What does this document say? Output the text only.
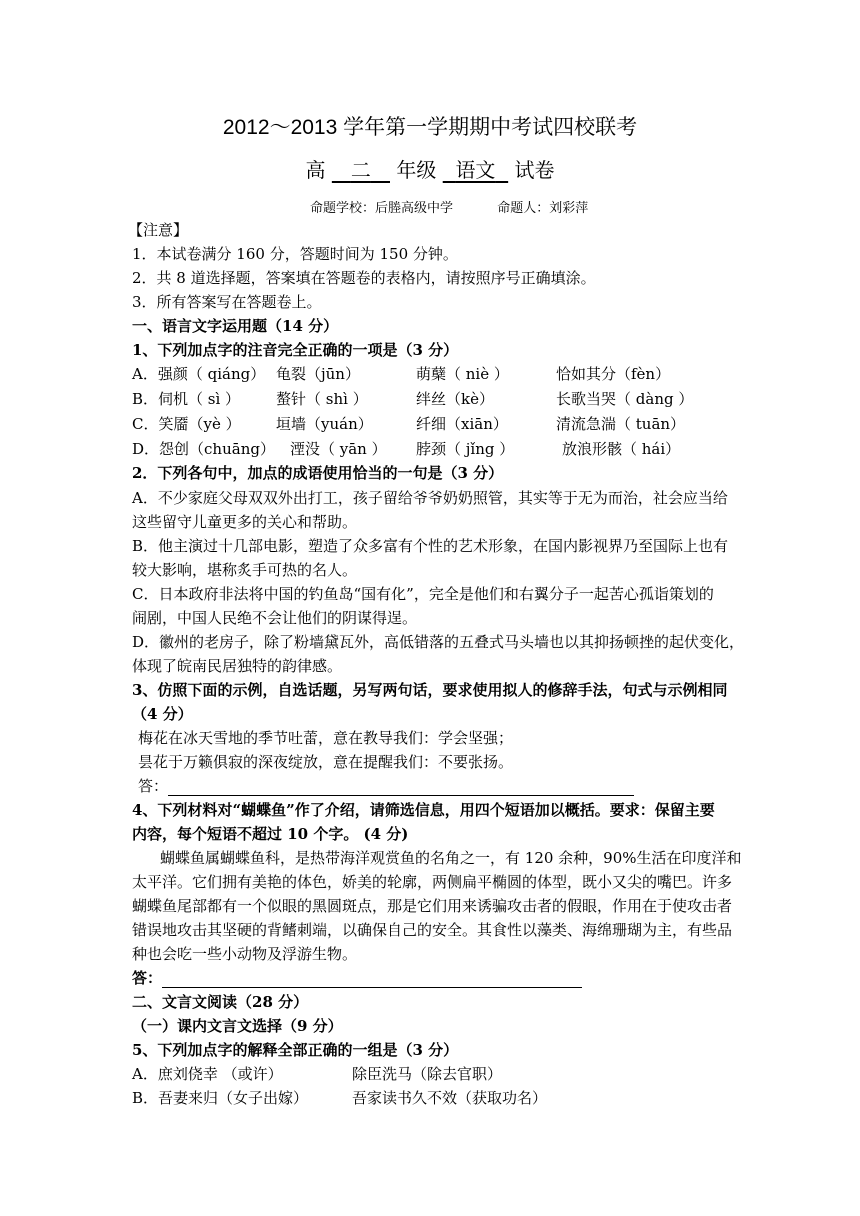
2012～2013 学年第一学期期中考试四校联考
高 二 年级 语文 试卷
命题学校：后塍高级中学	命题人：刘彩萍
【注意】
1．本试卷满分 160 分，答题时间为 150 分钟。
2．共 8 道选择题，答案填在答题卷的表格内，请按照序号正确填涂。
3．所有答案写在答题卷上。
一、语言文字运用题（14 分）
1、下列加点字的注音完全正确的一项是（3 分）
A．强颜（ qiáng） 龟裂（jūn）	萌蘖（ niè ）	恰如其分（fèn）
B．伺机（ sì ） 螯针（ shì ）	绊丝（kè）	长歌当哭（ dàng ）
C．笑靥（yè ） 垣墙（yuán）	纤细（xiān）	清流急湍（ tuān）
D．怨创（chuāng） 湮没（ yān ） 脖颈（ jǐng ）	放浪形骸（ hái）
2．下列各句中，加点的成语使用恰当的一句是（3 分）
A．不少家庭父母双双外出打工，孩子留给爷爷奶奶照管，其实等于无为而治，社会应当给
这些留守儿童更多的关心和帮助。
B．他主演过十几部电影，塑造了众多富有个性的艺术形象，在国内影视界乃至国际上也有
较大影响，堪称炙手可热的名人。
C．日本政府非法将中国的钓鱼岛“国有化”，完全是他们和右翼分子一起苦心孤诣策划的
闹剧，中国人民绝不会让他们的阴谋得逞。
D．徽州的老房子，除了粉墙黛瓦外，高低错落的五叠式马头墙也以其抑扬顿挫的起伏变化，
体现了皖南民居独特的韵律感。
3、仿照下面的示例，自选话题，另写两句话，要求使用拟人的修辞手法，句式与示例相同
（4 分）
梅花在冰天雪地的季节吐蕾，意在教导我们：学会坚强；
昙花于万籁俱寂的深夜绽放，意在提醒我们：不要张扬。
答：
4、下列材料对“蝴蝶鱼”作了介绍，请筛选信息，用四个短语加以概括。要求：保留主要
内容，每个短语不超过 10 个字。 (4 分)
蝴蝶鱼属蝴蝶鱼科，是热带海洋观赏鱼的名角之一，有 120 余种，90%生活在印度洋和
太平洋。它们拥有美艳的体色，娇美的轮廓，两侧扁平椭圆的体型，既小又尖的嘴巴。许多
蝴蝶鱼尾部都有一个似眼的黑圆斑点，那是它们用来诱骗攻击者的假眼，作用在于使攻击者
错误地攻击其坚硬的背鳍刺端，以确保自己的安全。其食性以藻类、海绵珊瑚为主，有些品
种也会吃一些小动物及浮游生物。
答：
二、文言文阅读（28 分）
（一）课内文言文选择（9 分）
5、下列加点字的解释全部正确的一组是（3 分）
A．庶刘侥幸 （或许）	除臣洗马（除去官职）
B．吾妻来归（女子出嫁）	吾家读书久不效（获取功名）
